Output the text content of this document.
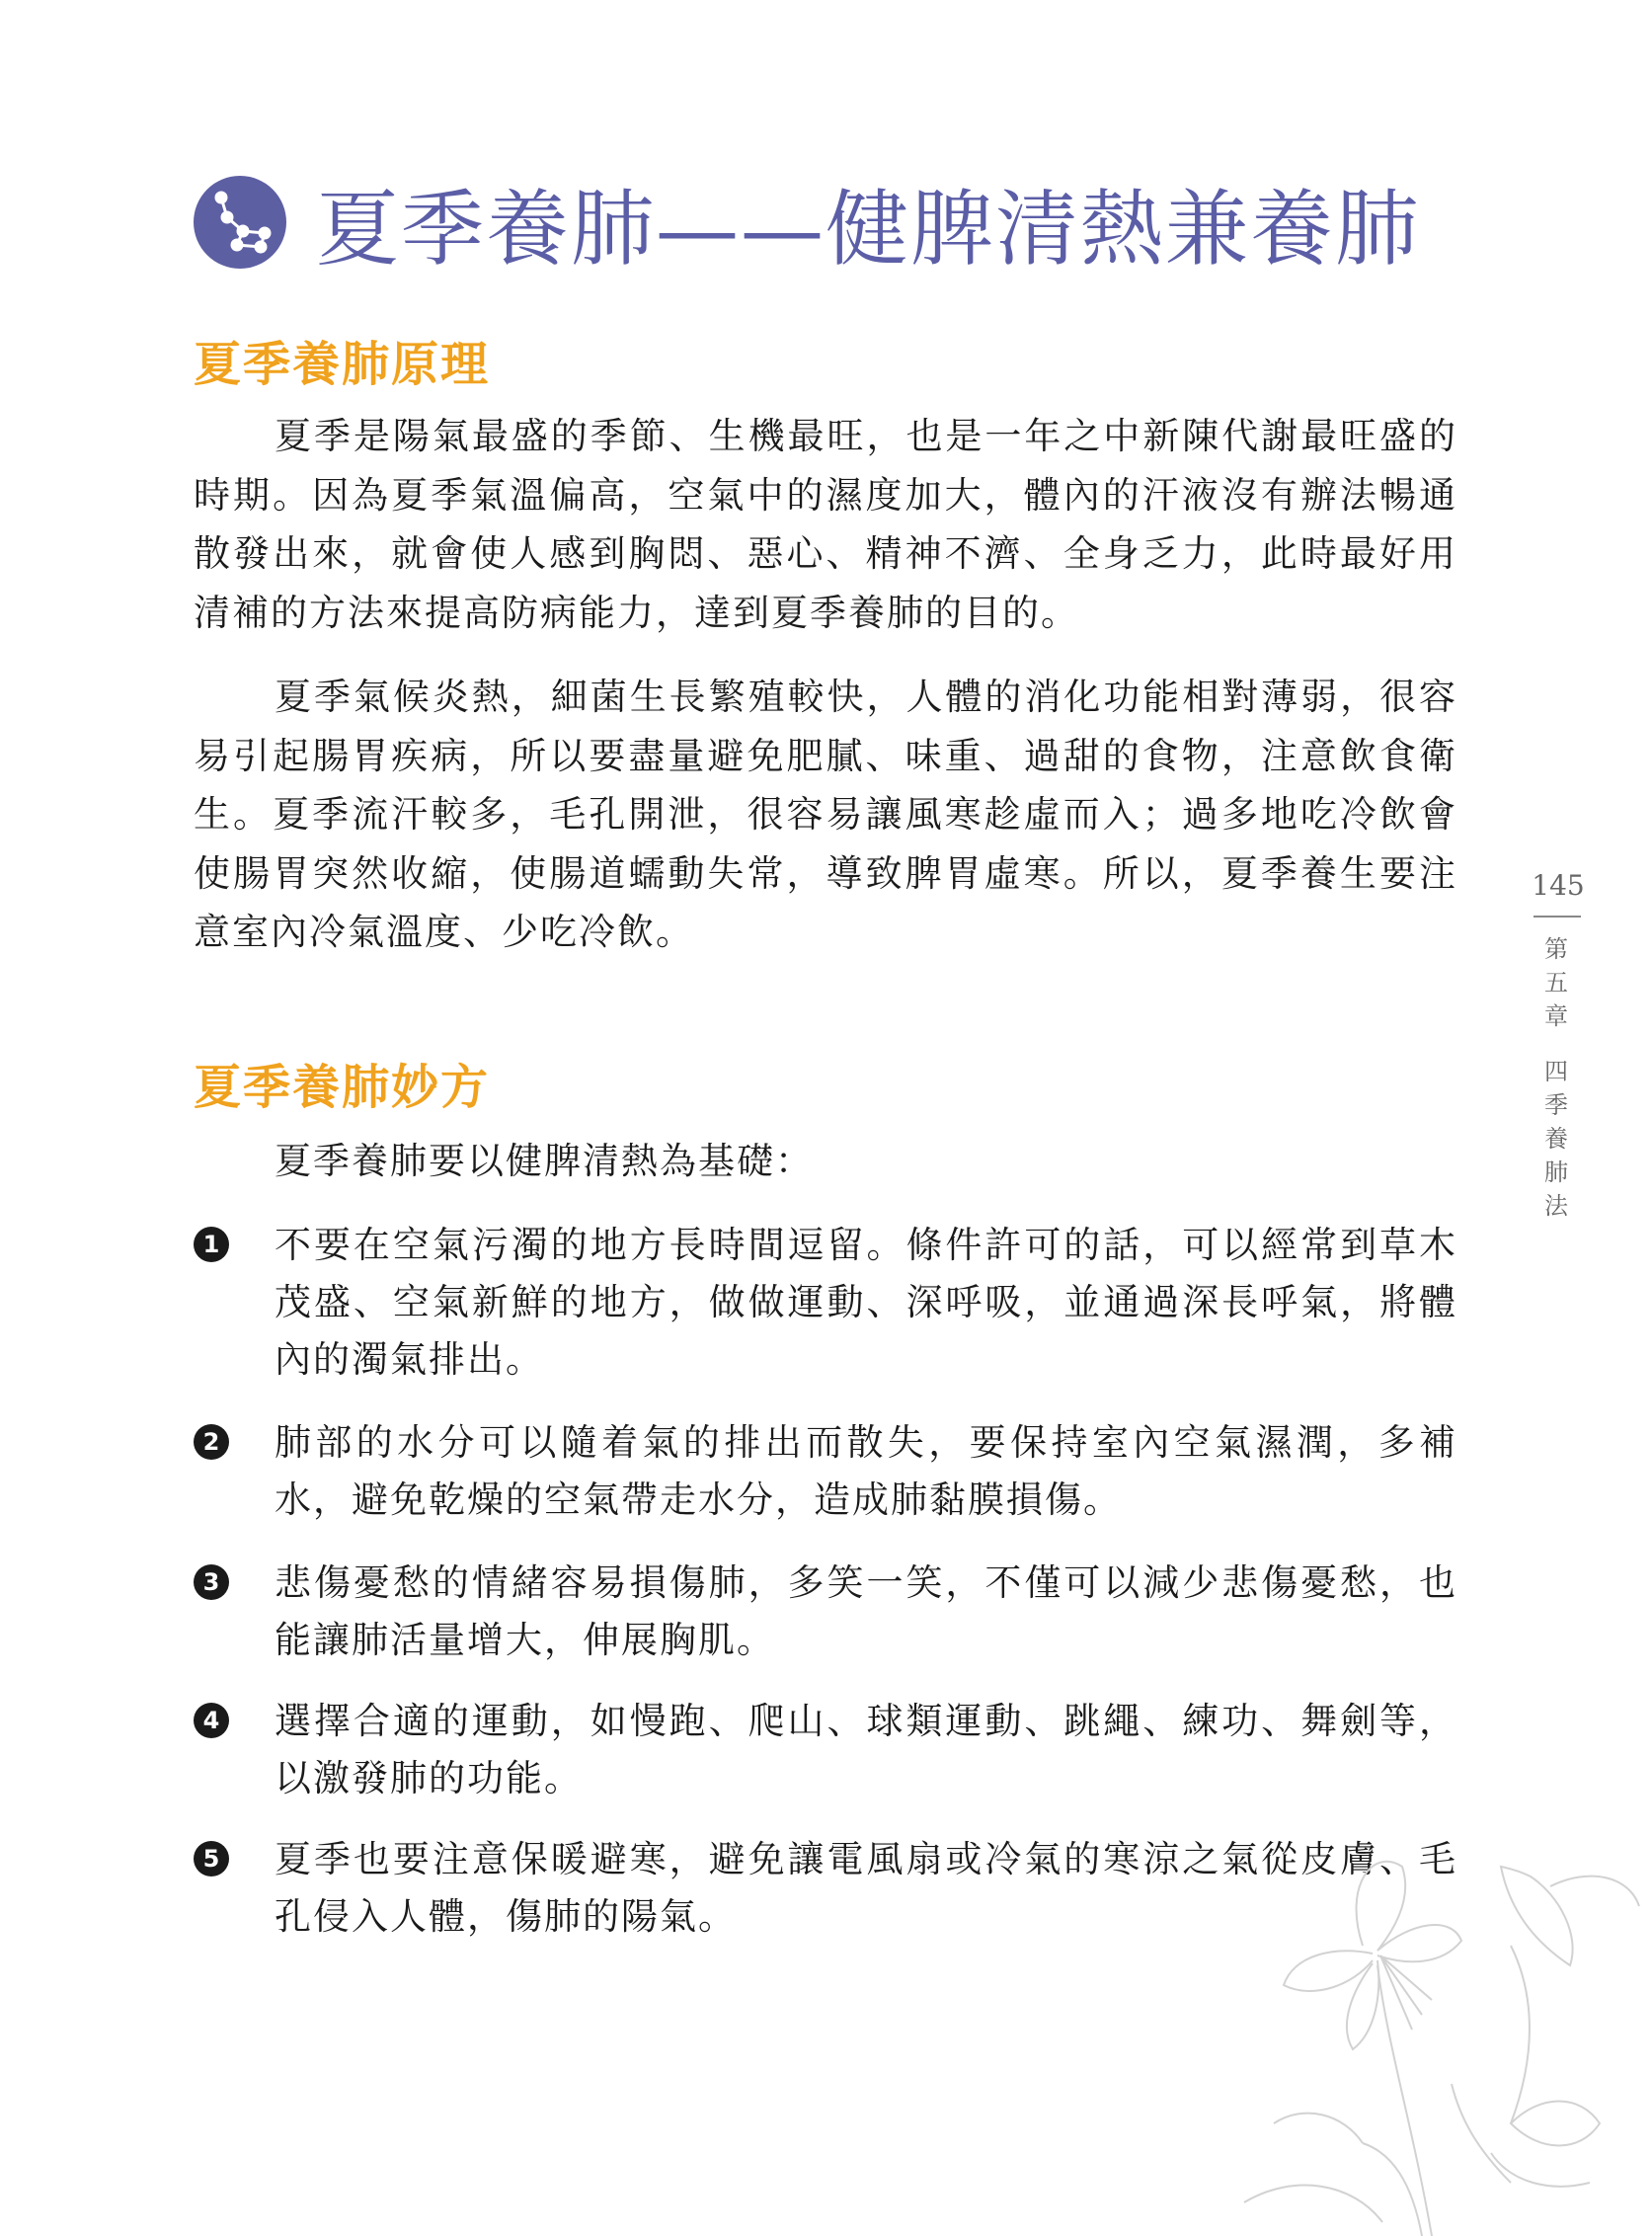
夏季養肺——健脾清熱兼養肺
夏季養肺原理
夏季是陽氣最盛的季節、生機最旺，也是一年之中新陳代謝最旺盛的時期。因為夏季氣溫偏高，空氣中的濕度加大，體內的汗液沒有辦法暢通散發出來，就會使人感到胸悶、惡心、精神不濟、全身乏力，此時最好用清補的方法來提高防病能力，達到夏季養肺的目的。
夏季氣候炎熱，細菌生長繁殖較快，人體的消化功能相對薄弱，很容易引起腸胃疾病，所以要盡量避免肥膩、味重、過甜的食物，注意飲食衛生。夏季流汗較多，毛孔開泄，很容易讓風寒趁虛而入；過多地吃冷飲會使腸胃突然收縮，使腸道蠕動失常，導致脾胃虛寒。所以，夏季養生要注意室內冷氣溫度、少吃冷飲。
夏季養肺妙方
夏季養肺要以健脾清熱為基礎：
1 不要在空氣污濁的地方長時間逗留。條件許可的話，可以經常到草木茂盛、空氣新鮮的地方，做做運動、深呼吸，並通過深長呼氣，將體內的濁氣排出。
2 肺部的水分可以隨着氣的排出而散失，要保持室內空氣濕潤，多補水，避免乾燥的空氣帶走水分，造成肺黏膜損傷。
3 悲傷憂愁的情緒容易損傷肺，多笑一笑，不僅可以減少悲傷憂愁，也能讓肺活量增大，伸展胸肌。
4 選擇合適的運動，如慢跑、爬山、球類運動、跳繩、練功、舞劍等，以激發肺的功能。
5 夏季也要注意保暖避寒，避免讓電風扇或冷氣的寒涼之氣從皮膚、毛孔侵入人體，傷肺的陽氣。
145
第五章
四季養肺法
